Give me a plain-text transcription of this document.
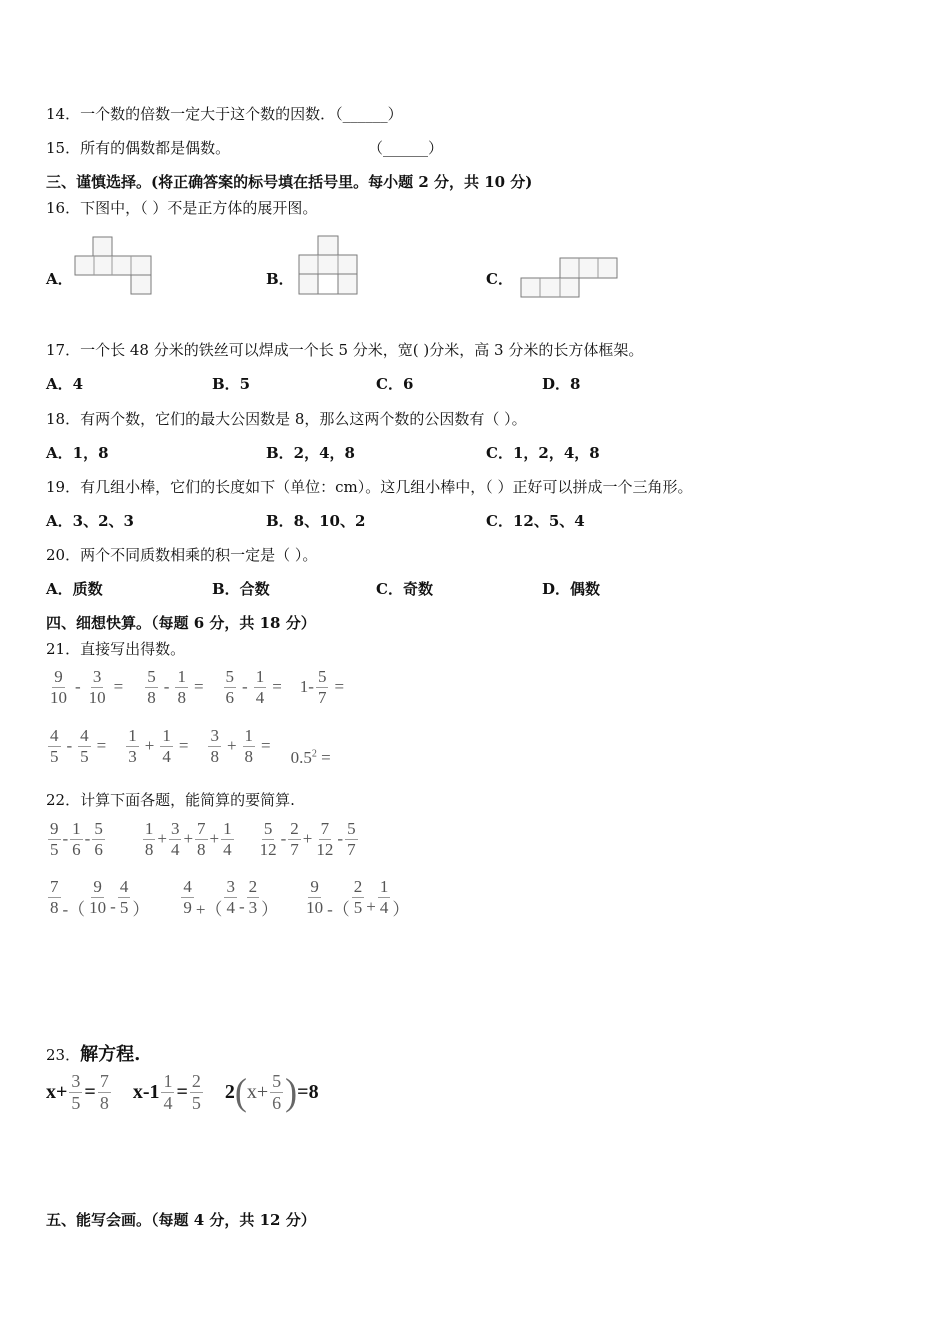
14．一个数的倍数一定大于这个数的因数．（______）
15．所有的偶数都是偶数。	（______）
三、谨慎选择。(将正确答案的标号填在括号里。每小题 2 分，共 10 分)
16．下图中，（ ）不是正方体的展开图。
A．	B．	C．
17．一个长 48 分米的铁丝可以焊成一个长 5 分米，宽( )分米，高 3 分米的长方体框架。
A．4	B．5	C．6	D．8
18．有两个数，它们的最大公因数是 8，那么这两个数的公因数有（ ）。
A．1，8	B．2，4，8	C．1，2，4，8
19．有几组小棒，它们的长度如下（单位：cm）。这几组小棒中，（ ）正好可以拼成一个三角形。
A．3、2、3	B．8、10、2	C．12、5、4
20．两个不同质数相乘的积一定是（ ）。
A．质数	B．合数	C．奇数	D．偶数
四、细想快算。（每题 6 分，共 18 分）
21．直接写出得数。
$\frac{9}{10} - \frac{3}{10} = \frac{5}{8} - \frac{1}{8} = \frac{5}{6} - \frac{1}{4} = 1- \frac{5}{7}$ =
$\frac{4}{5} - \frac{4}{5} = \frac{1}{3} + \frac{1}{4} = \frac{3}{8} + \frac{1}{8}$ =
$0.5^2$ =
22．计算下面各题，能简算的要简算.
$\frac{9}{5} - \frac{1}{6} - \frac{5}{6} \frac{1}{8} + \frac{3}{4} + \frac{7}{8} + \frac{1}{4} \frac{5}{12} - \frac{2}{7} + \frac{7}{12} - \frac{5}{7}$
$\frac{7}{8}$ -（ $\frac{9}{10} - \frac{4}{5}$ ） $\frac{4}{9}$ +（ $\frac{3}{4} - \frac{2}{3}$ ） $\frac{9}{10}$ -（ $\frac{2}{5} + \frac{1}{4}$ ）
23．解方程.
$x+ \frac{3}{5} = \frac{7}{8} x-1 \frac{1}{4} = \frac{2}{5} 2$ ( $x+ \frac{5}{6}$ ) =8
五、能写会画。（每题 4 分，共 12 分）
